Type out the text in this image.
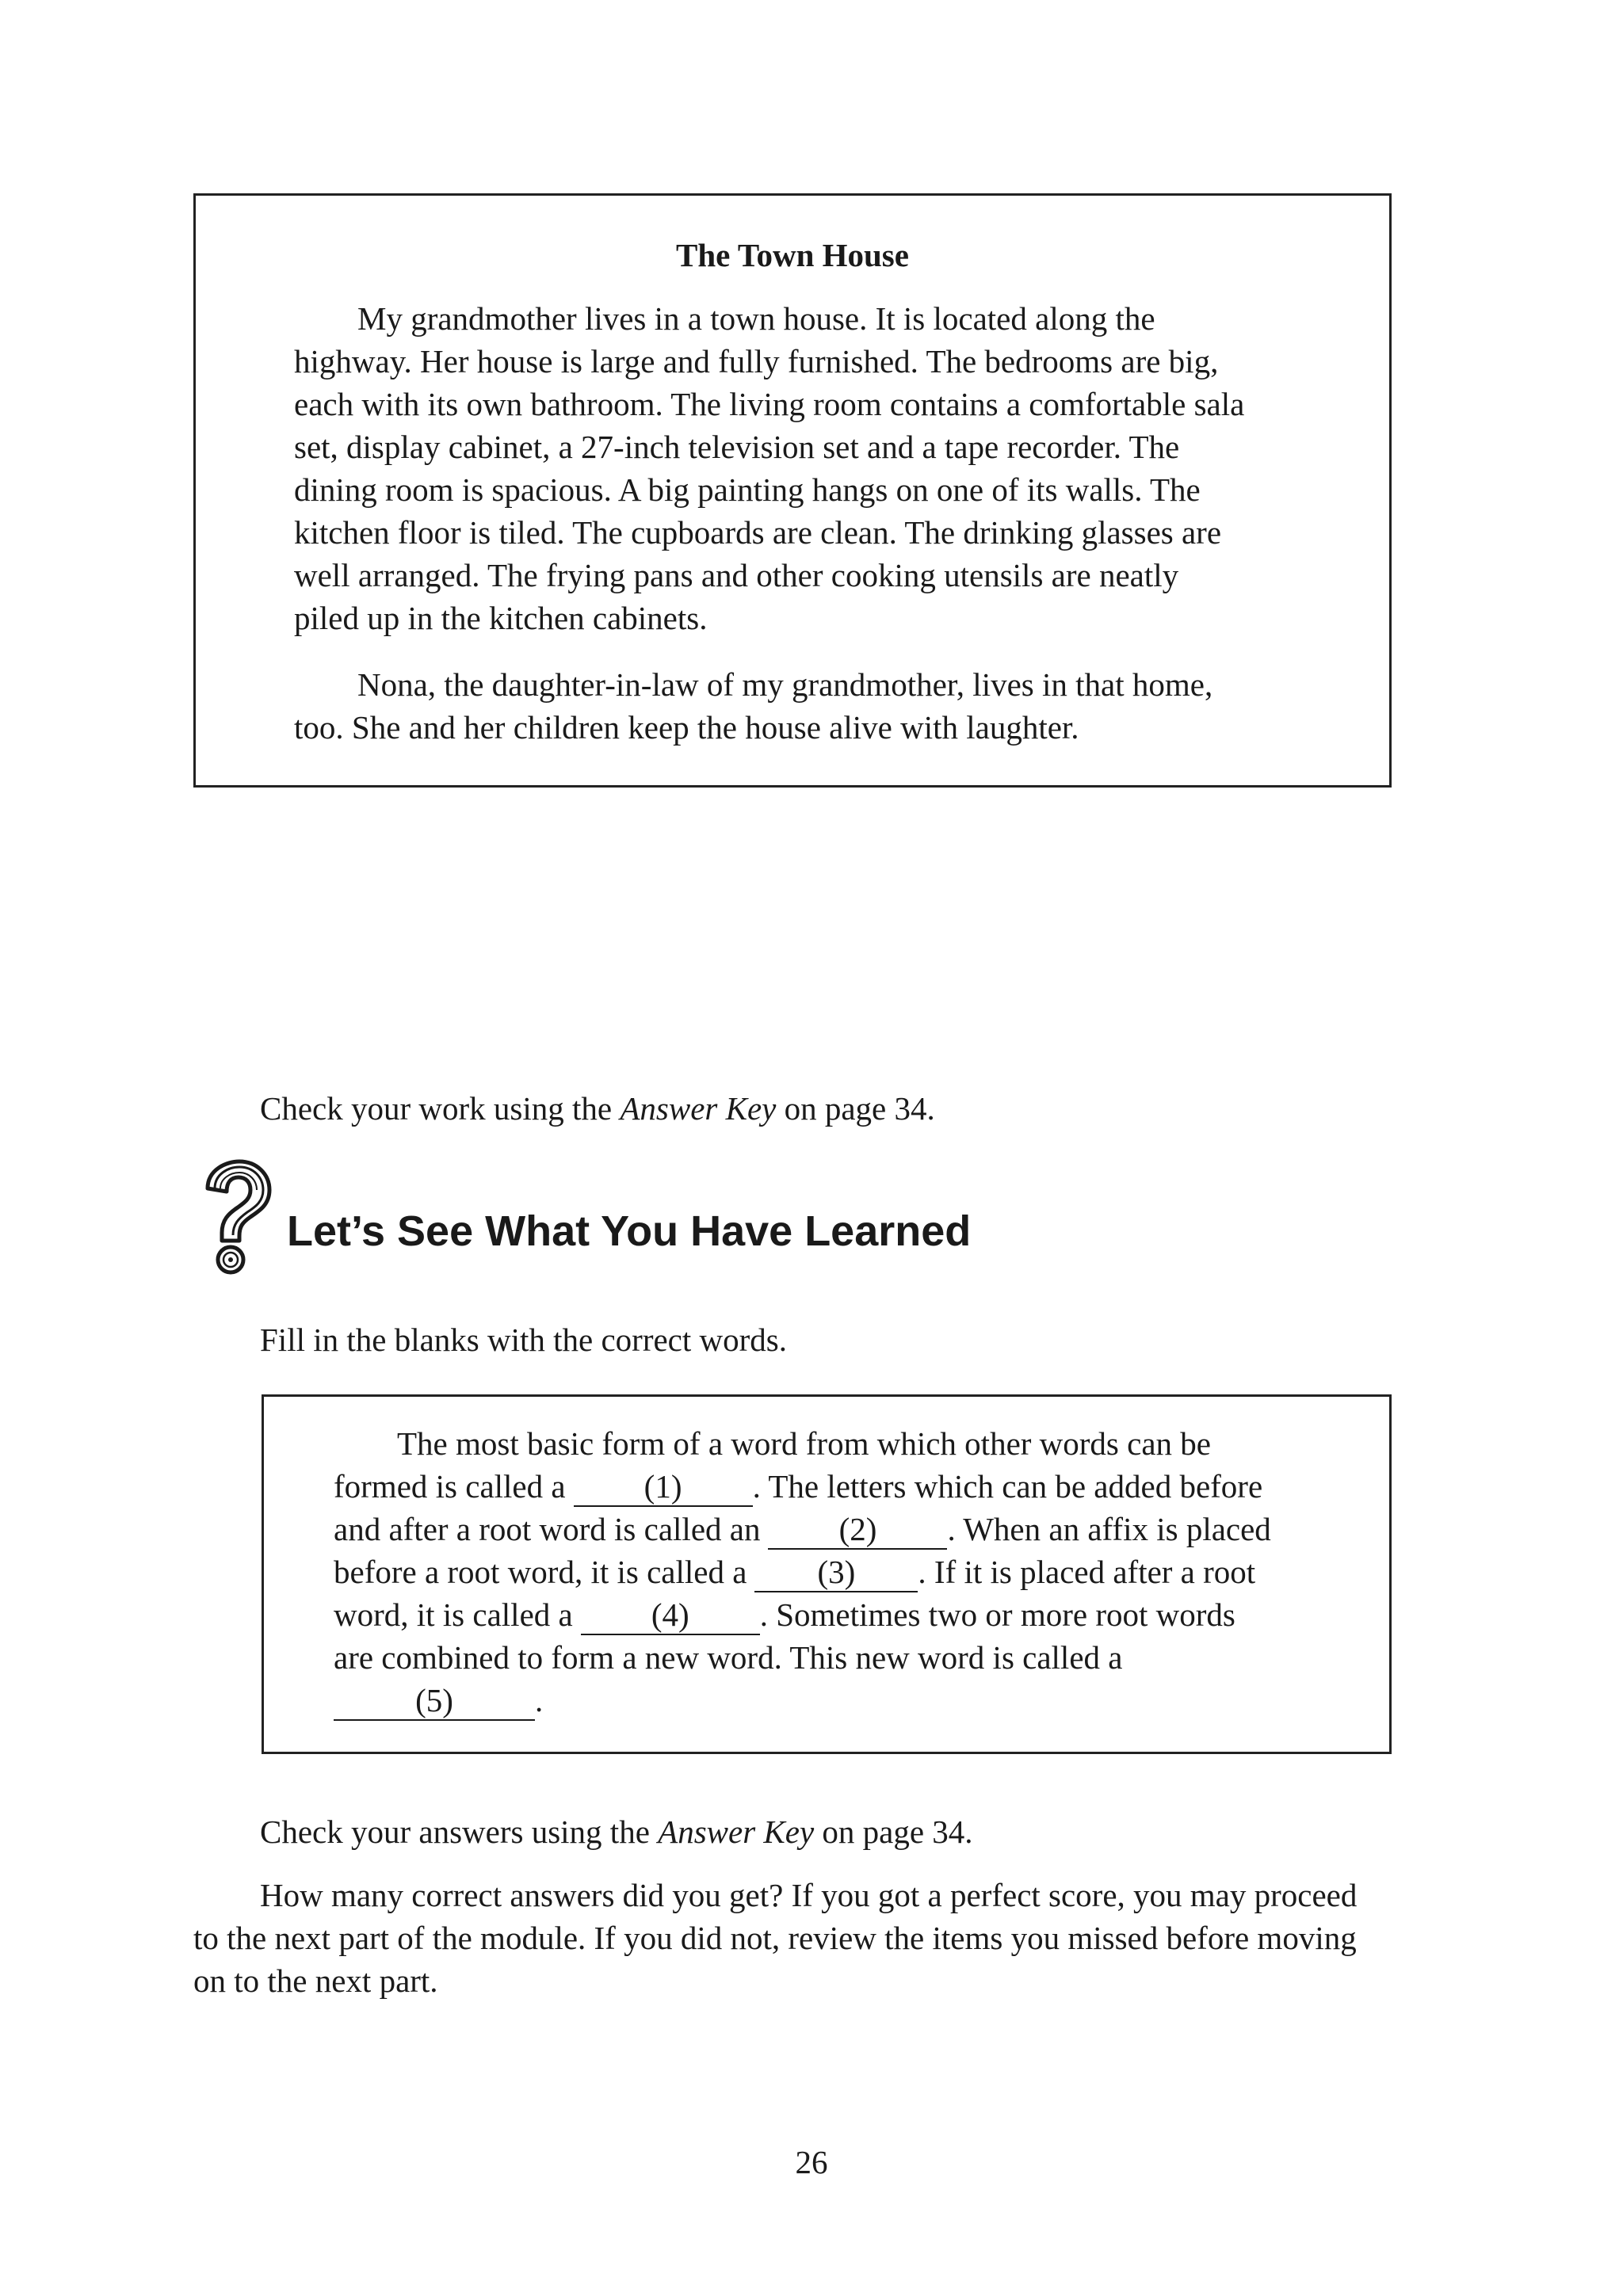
The Town House

My grandmother lives in a town house. It is located along the
highway. Her house is large and fully furnished. The bedrooms are big,
each with its own bathroom. The living room contains a comfortable sala
set, display cabinet, a 27-inch television set and a tape recorder. The
dining room is spacious. A big painting hangs on one of its walls. The
kitchen floor is tiled. The cupboards are clean. The drinking glasses are
well arranged. The frying pans and other cooking utensils are neatly
piled up in the kitchen cabinets.

Nona, the daughter-in-law of my grandmother, lives in that home,
too. She and her children keep the house alive with laughter.

Check your work using the Answer Key on page 34.
Let’s See What You Have Learned
Fill in the blanks with the correct words.
The most basic form of a word from which other words can be
formed is called a (1) . The letters which can be added before
and after a root word is called an (2) . When an affix is placed
before a root word, it is called a (3) . If it is placed after a root
word, it is called a (4) . Sometimes two or more root words
are combined to form a new word. This new word is called a
(5)	.
Check your answers using the Answer Key on page 34.

How many correct answers did you get? If you got a perfect score, you may proceed to the next part of the module. If you did not, review the items you missed before moving on to the next part.

26
